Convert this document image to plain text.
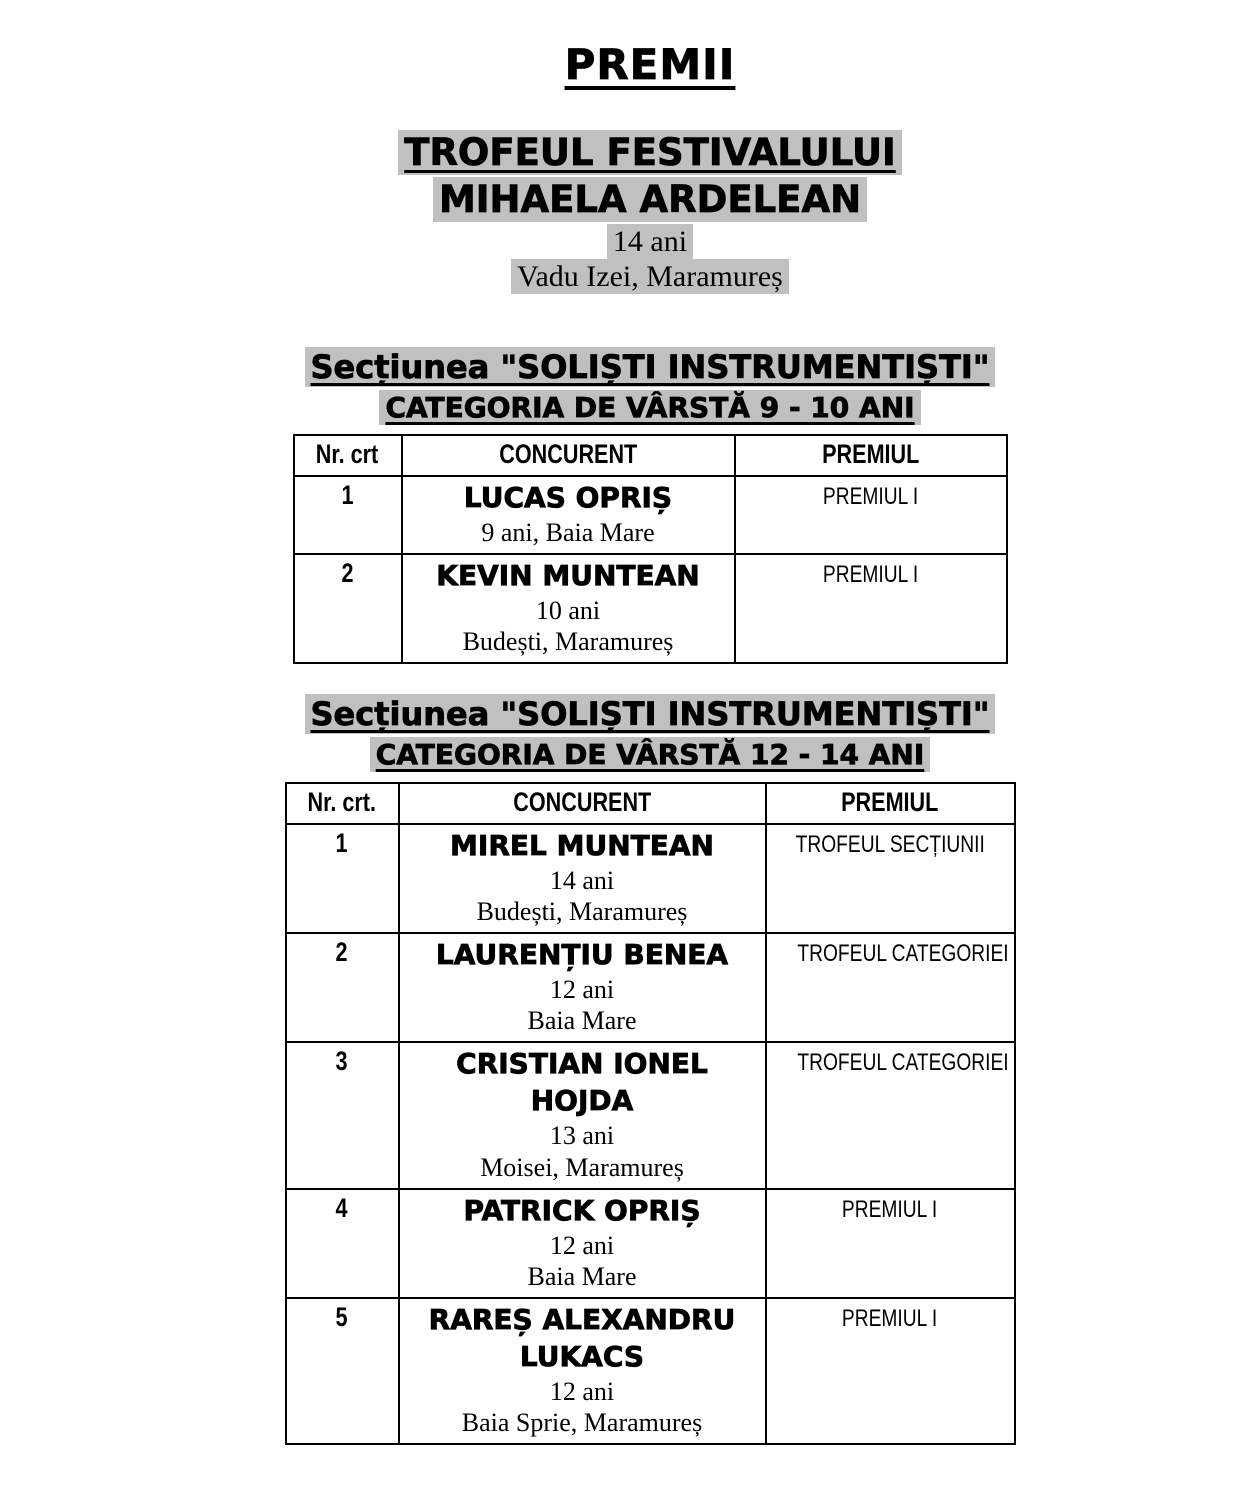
PREMII
TROFEUL FESTIVALULUI
MIHAELA ARDELEAN
14 ani
Vadu Izei, Maramureș
Secțiunea "SOLIȘTI INSTRUMENTIȘTI"
CATEGORIA DE VÂRSTĂ 9 - 10 ANI
Nr. crt	CONCURENT	PREMIUL
1	LUCAS OPRIȘ
9 ani, Baia Mare	PREMIUL I
2	KEVIN MUNTEAN
10 ani
Budești, Maramureș	PREMIUL I
Secțiunea "SOLIȘTI INSTRUMENTIȘTI"
CATEGORIA DE VÂRSTĂ 12 - 14 ANI
Nr. crt.	CONCURENT	PREMIUL
1	MIREL MUNTEAN
14 ani
Budești, Maramureș	TROFEUL SECȚIUNII
2	LAURENȚIU BENEA
12 ani
Baia Mare	TROFEUL CATEGORIEI
3	CRISTIAN IONEL HOJDA
13 ani
Moisei, Maramureș	TROFEUL CATEGORIEI
4	PATRICK OPRIȘ
12 ani
Baia Mare	PREMIUL I
5	RAREȘ ALEXANDRU LUKACS
12 ani
Baia Sprie, Maramureș	PREMIUL I
